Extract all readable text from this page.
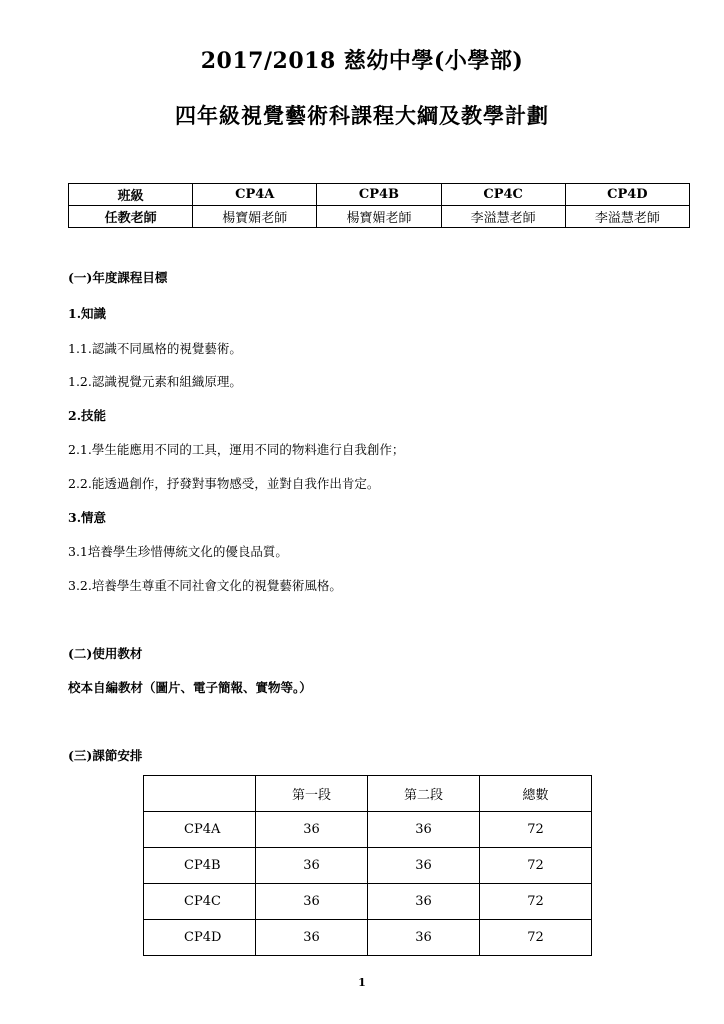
2017/2018 慈幼中學(小學部)
四年級視覺藝術科課程大綱及教學計劃
班級	CP4A	CP4B	CP4C	CP4D
任教老師	楊寶媚老師	楊寶媚老師	李溢慧老師	李溢慧老師
(一)年度課程目標
1.知識
1.1.認識不同風格的視覺藝術。
1.2.認識視覺元素和組織原理。
2.技能
2.1.學生能應用不同的工具，運用不同的物料進行自我創作；
2.2.能透過創作，抒發對事物感受，並對自我作出肯定。
3.情意
3.1培養學生珍惜傳統文化的優良品質。
3.2.培養學生尊重不同社會文化的視覺藝術風格。
(二)使用教材
校本自編教材（圖片、電子簡報、實物等。）
(三)課節安排
	第一段	第二段	總數
CP4A	36	36	72
CP4B	36	36	72
CP4C	36	36	72
CP4D	36	36	72
1
